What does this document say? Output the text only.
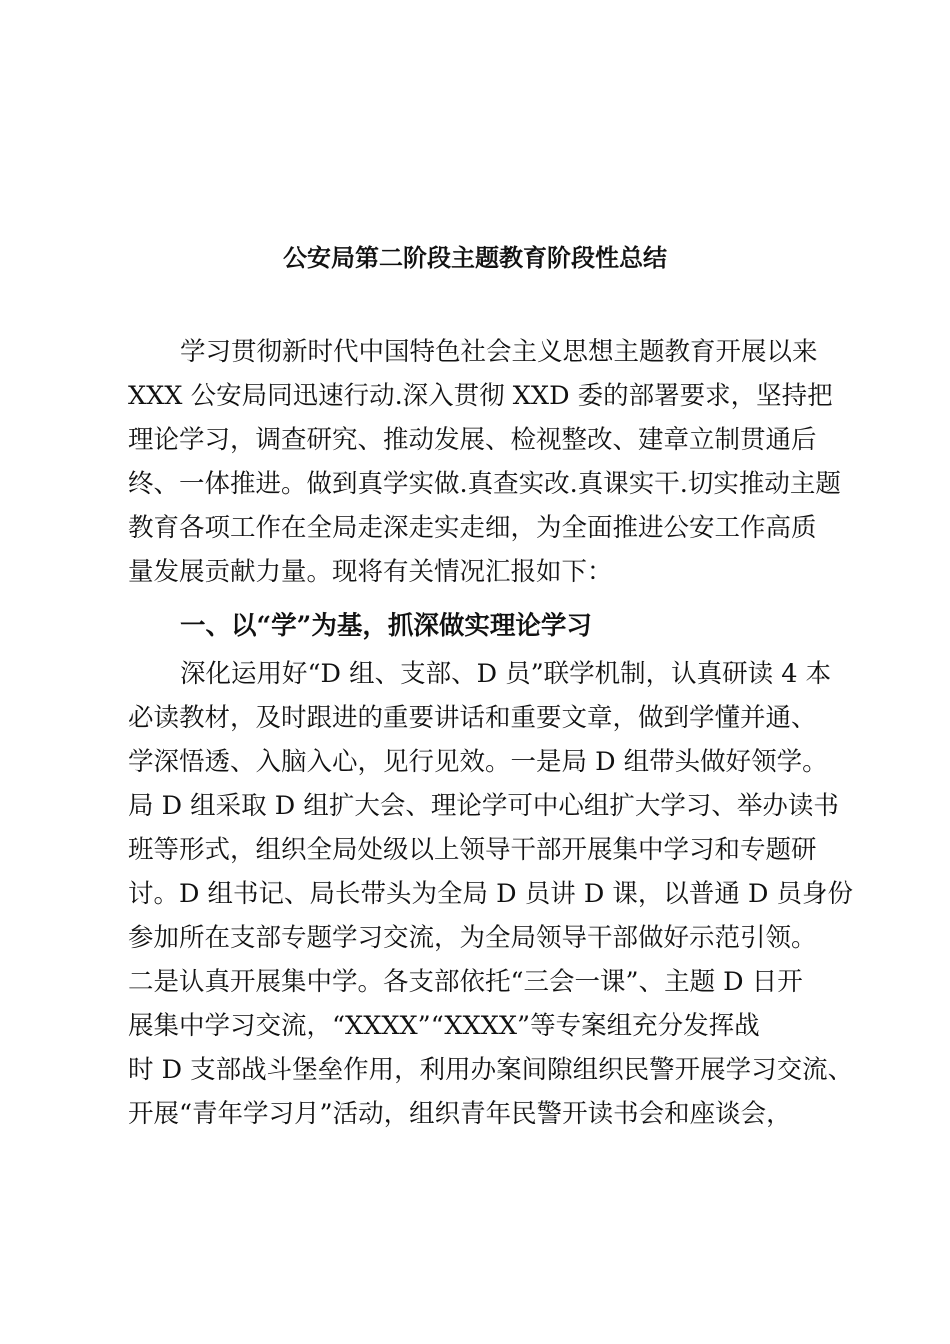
公安局第二阶段主题教育阶段性总结
学习贯彻新时代中国特色社会主义思想主题教育开展以来
XXX 公安局同迅速行动.深入贯彻 XXD 委的部署要求，坚持把
理论学习，调查研究、推动发展、检视整改、建章立制贯通后
终、一体推进。做到真学实做.真查实改.真课实干.切实推动主题
教育各项工作在全局走深走实走细，为全面推进公安工作高质
量发展贡献力量。现将有关情况汇报如下：
一、以“学”为基，抓深做实理论学习
深化运用好“D 组、支部、D 员”联学机制，认真研读 4 本
必读教材，及时跟进的重要讲话和重要文章，做到学懂并通、
学深悟透、入脑入心，见行见效。一是局 D 组带头做好领学。
局 D 组采取 D 组扩大会、理论学可中心组扩大学习、举办读书
班等形式，组织全局处级以上领导干部开展集中学习和专题研
讨。D 组书记、局长带头为全局 D 员讲 D 课，以普通 D 员身份
参加所在支部专题学习交流，为全局领导干部做好示范引领。
二是认真开展集中学。各支部依托“三会一课”、主题 D 日开
展集中学习交流，“XXXX”“XXXX”等专案组充分发挥战
时 D 支部战斗堡垒作用，利用办案间隙组织民警开展学习交流、
开展“青年学习月”活动，组织青年民警开读书会和座谈会，
